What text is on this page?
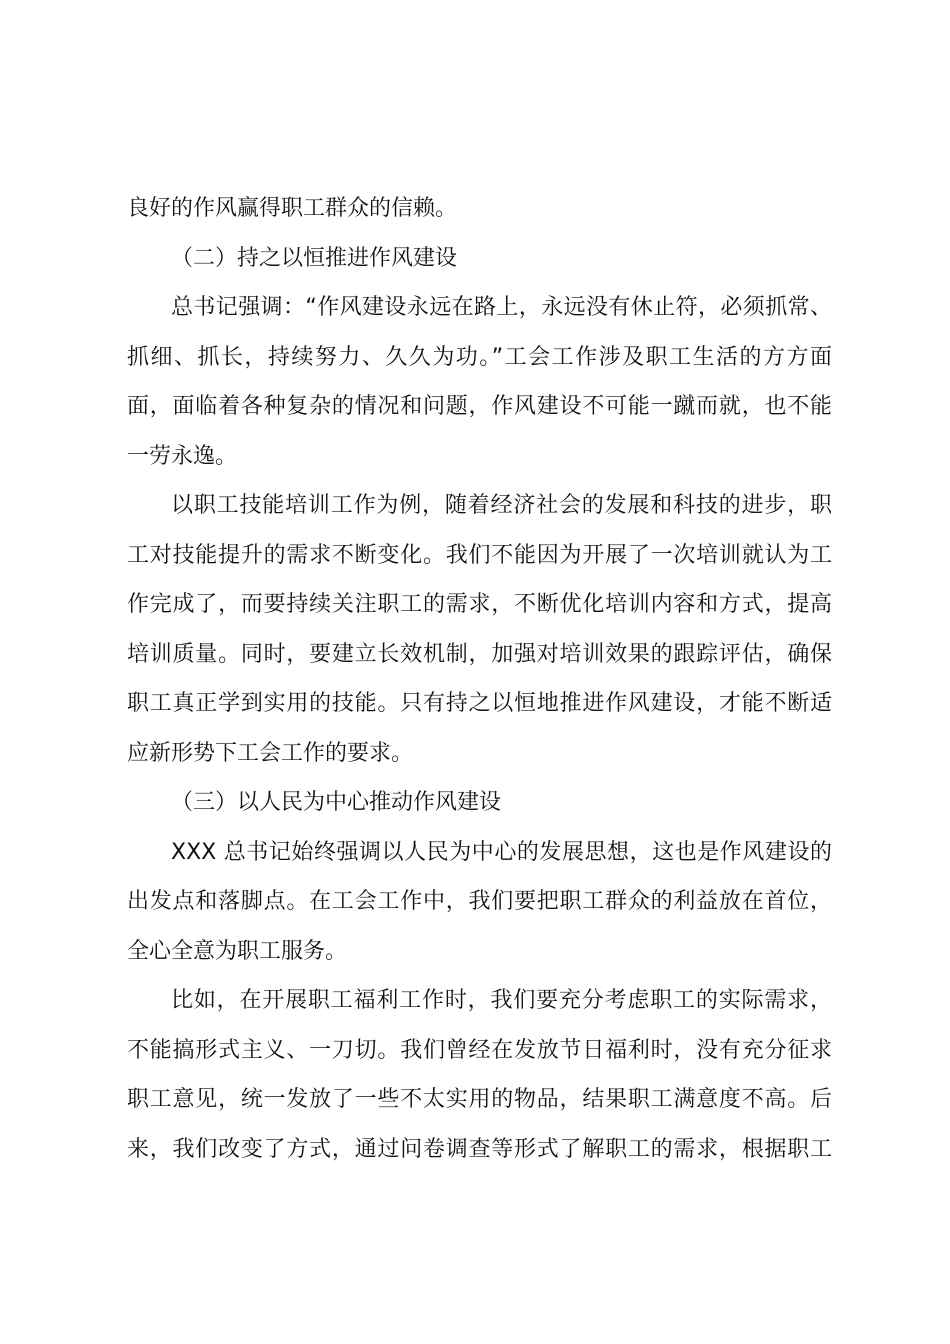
良好的作风赢得职工群众的信赖。
（二）持之以恒推进作风建设
总书记强调：“作风建设永远在路上，永远没有休止符，必须抓常、
抓细、抓长，持续努力、久久为功。”工会工作涉及职工生活的方方面
面，面临着各种复杂的情况和问题，作风建设不可能一蹴而就，也不能
一劳永逸。
以职工技能培训工作为例，随着经济社会的发展和科技的进步，职
工对技能提升的需求不断变化。我们不能因为开展了一次培训就认为工
作完成了，而要持续关注职工的需求，不断优化培训内容和方式，提高
培训质量。同时，要建立长效机制，加强对培训效果的跟踪评估，确保
职工真正学到实用的技能。只有持之以恒地推进作风建设，才能不断适
应新形势下工会工作的要求。
（三）以人民为中心推动作风建设
XXX 总书记始终强调以人民为中心的发展思想，这也是作风建设的
出发点和落脚点。在工会工作中，我们要把职工群众的利益放在首位，
全心全意为职工服务。
比如，在开展职工福利工作时，我们要充分考虑职工的实际需求，
不能搞形式主义、一刀切。我们曾经在发放节日福利时，没有充分征求
职工意见，统一发放了一些不太实用的物品，结果职工满意度不高。后
来，我们改变了方式，通过问卷调查等形式了解职工的需求，根据职工
